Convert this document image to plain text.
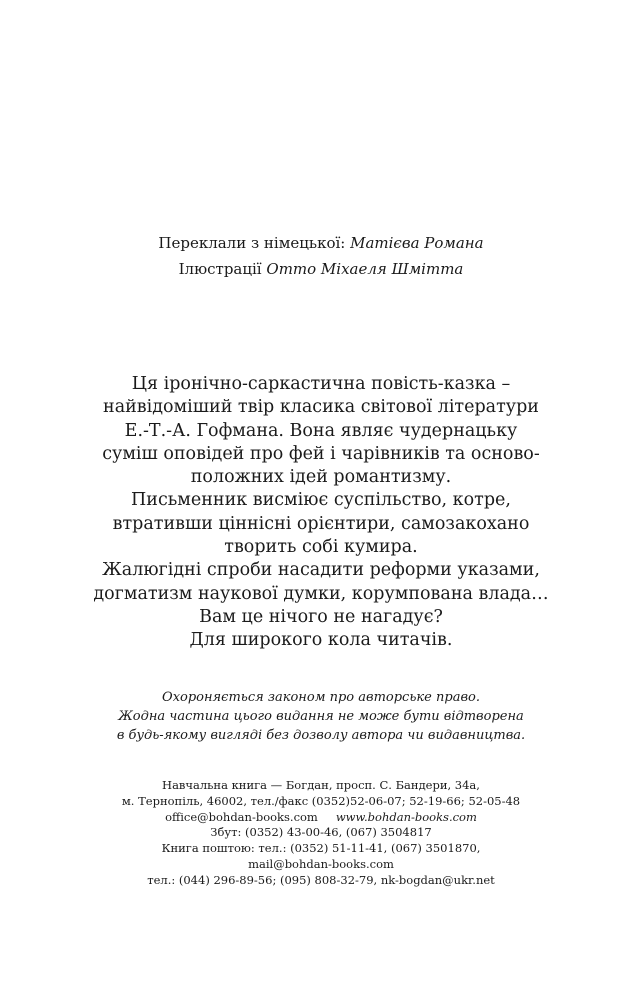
Переклали з німецької: Матієва Романа
Ілюстрації Отто Міхаеля Шмітта

Ця іронічно-саркастична повість-казка –

найвідоміший твір класика світової літератури

Е.-Т.-А. Гофмана. Вона являє чудернацьку

суміш оповідей про фей і чарівників та осново-

положних ідей романтизму.

Письменник висміює суспільство, котре,

втративши ціннісні орієнтири, самозакохано

творить собі кумира.

Жалюгідні спроби насадити реформи указами,

догматизм наукової думки, корумпована влада…

Вам це нічого не нагадує?

Для широкого кола читачів.

Охороняється законом про авторське право.

Жодна частина цього видання не може бути відтворена

в будь-якому вигляді без дозволу автора чи видавництва.

Навчальна книга — Богдан, просп. С. Бандери, 34а,

м. Тернопіль, 46002, тел./факс (0352)52-06-07; 52-19-66; 52-05-48

office@bohdan-books.com www.bohdan-books.com

Збут: (0352) 43-00-46, (067) 3504817

Книга поштою: тел.: (0352) 51-11-41, (067) 3501870,

mail@bohdan-books.com

тел.: (044) 296-89-56; (095) 808-32-79, nk-bogdan@ukr.net
